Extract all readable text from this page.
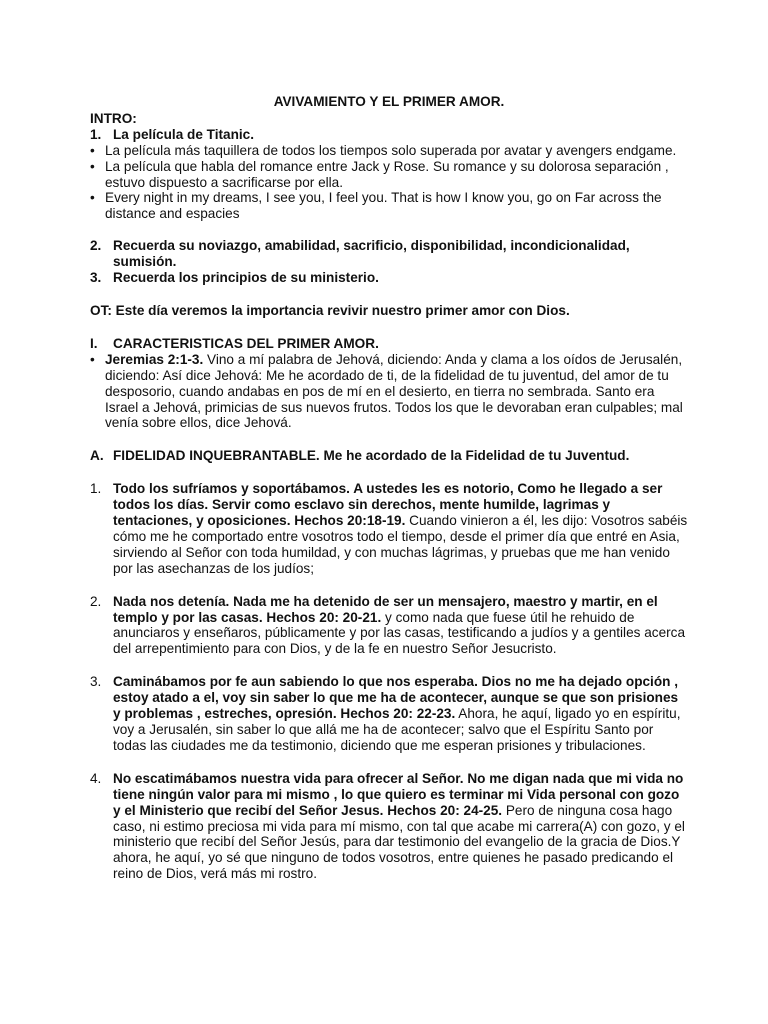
AVIVAMIENTO Y EL PRIMER AMOR.

INTRO:

1. La película de Titanic.
• La película más taquillera de todos los tiempos solo superada por avatar y avengers endgame.
• La película que habla del romance entre Jack y Rose. Su romance y su dolorosa separación , estuvo dispuesto a sacrificarse por ella.
• Every night in my dreams, I see you, I feel you. That is how I know you, go on Far across the distance and espacies
2. Recuerda su noviazgo, amabilidad, sacrificio, disponibilidad, incondicionalidad, sumisión.
3. Recuerda los principios de su ministerio.

OT: Este día veremos la importancia revivir nuestro primer amor con Dios.

I.	CARACTERISTICAS DEL PRIMER AMOR.
• Jeremias 2:1-3. Vino a mí palabra de Jehová, diciendo: Anda y clama a los oídos de Jerusalén, diciendo: Así dice Jehová: Me he acordado de ti, de la fidelidad de tu juventud, del amor de tu desposorio, cuando andabas en pos de mí en el desierto, en tierra no sembrada. Santo era Israel a Jehová, primicias de sus nuevos frutos. Todos los que le devoraban eran culpables; mal venía sobre ellos, dice Jehová.
A. FIDELIDAD INQUEBRANTABLE. Me he acordado de la Fidelidad de tu Juventud.
1. Todo los sufríamos y soportábamos. A ustedes les es notorio, Como he llegado a ser todos los días. Servir como esclavo sin derechos, mente humilde, lagrimas y tentaciones, y oposiciones. Hechos 20:18-19. Cuando vinieron a él, les dijo: Vosotros sabéis cómo me he comportado entre vosotros todo el tiempo, desde el primer día que entré en Asia, sirviendo al Señor con toda humildad, y con muchas lágrimas, y pruebas que me han venido por las asechanzas de los judíos;
2. Nada nos detenía. Nada me ha detenido de ser un mensajero, maestro y martir, en el templo y por las casas. Hechos 20: 20-21. y como nada que fuese útil he rehuido de anunciaros y enseñaros, públicamente y por las casas, testificando a judíos y a gentiles acerca del arrepentimiento para con Dios, y de la fe en nuestro Señor Jesucristo.
3. Caminábamos por fe aun sabiendo lo que nos esperaba. Dios no me ha dejado opción , estoy atado a el, voy sin saber lo que me ha de acontecer, aunque se que son prisiones y problemas , estreches, opresión. Hechos 20: 22-23. Ahora, he aquí, ligado yo en espíritu, voy a Jerusalén, sin saber lo que allá me ha de acontecer; salvo que el Espíritu Santo por todas las ciudades me da testimonio, diciendo que me esperan prisiones y tribulaciones.
4. No escatimábamos nuestra vida para ofrecer al Señor. No me digan nada que mi vida no tiene ningún valor para mi mismo , lo que quiero es terminar mi Vida personal con gozo y el Ministerio que recibí del Señor Jesus. Hechos 20: 24-25. Pero de ninguna cosa hago caso, ni estimo preciosa mi vida para mí mismo, con tal que acabe mi carrera(A) con gozo, y el ministerio que recibí del Señor Jesús, para dar testimonio del evangelio de la gracia de Dios.Y ahora, he aquí, yo sé que ninguno de todos vosotros, entre quienes he pasado predicando el reino de Dios, verá más mi rostro.
